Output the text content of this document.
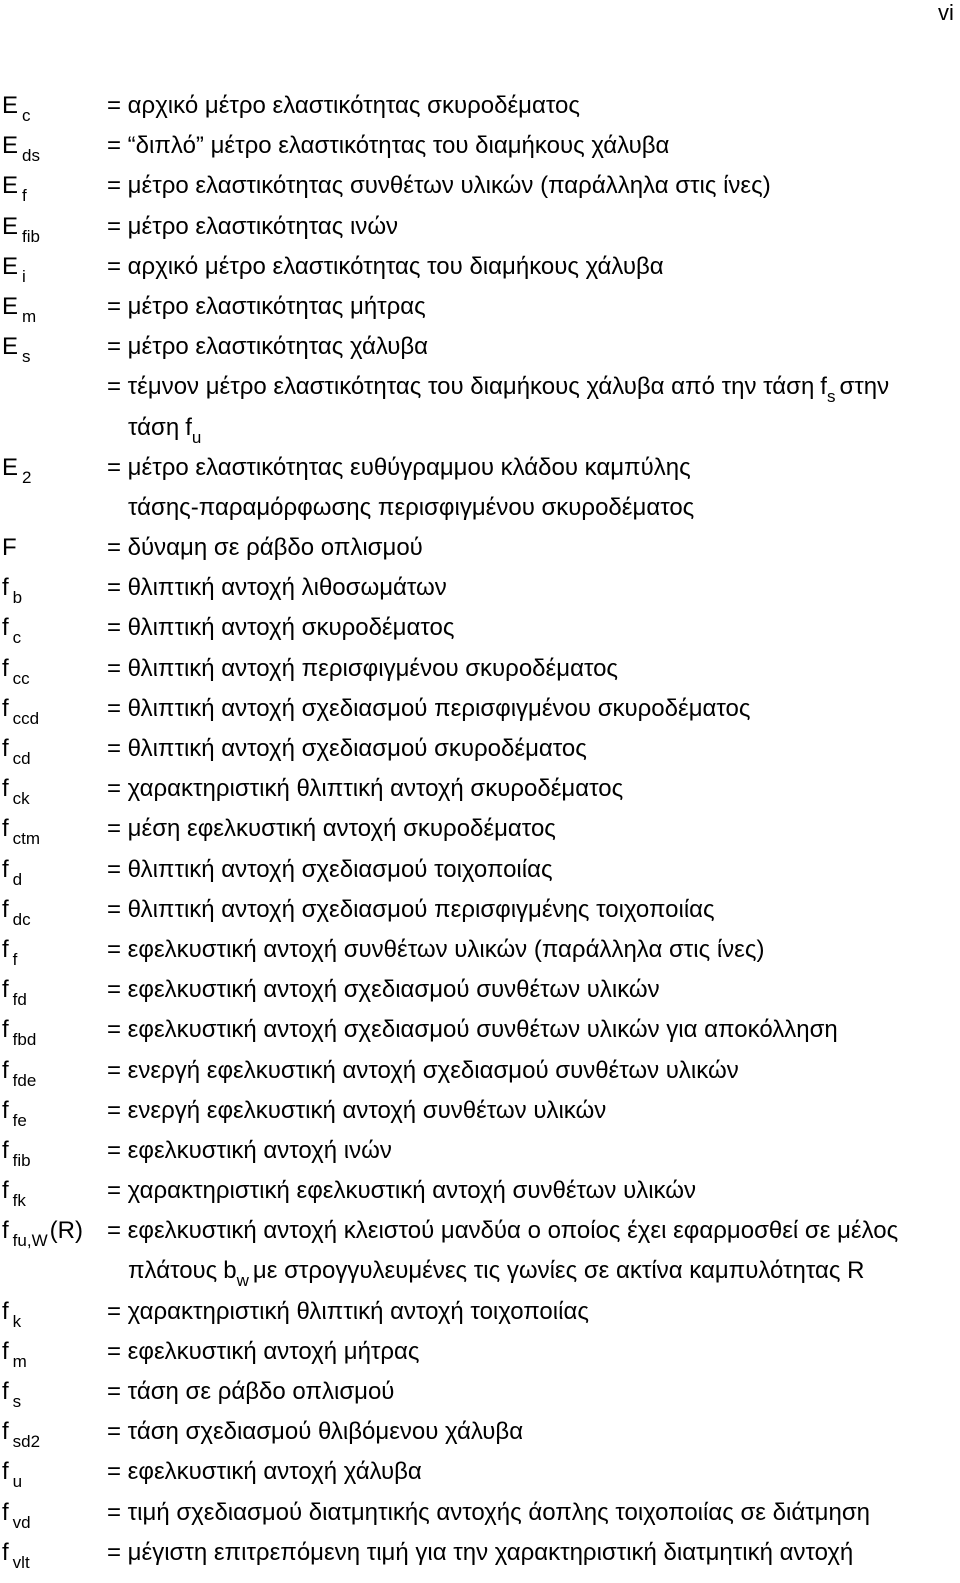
vi
E $_c$	= αρχικό μέτρο ελαστικότητας σκυροδέματος
E $_{ds}$	= “διπλό” μέτρο ελαστικότητας του διαμήκους χάλυβα
E $_f$	= μέτρο ελαστικότητας συνθέτων υλικών (παράλληλα στις ίνες)
E $_{fib}$	= μέτρο ελαστικότητας ινών
E $_i$	= αρχικό μέτρο ελαστικότητας του διαμήκους χάλυβα
E $_m$	= μέτρο ελαστικότητας μήτρας
E $_s$	= μέτρο ελαστικότητας χάλυβα
= τέμνον μέτρο ελαστικότητας του διαμήκους χάλυβα από την τάση $f_s$ στην
τάση $f_u$
E $_2$	= μέτρο ελαστικότητας ευθύγραμμου κλάδου καμπύλης
τάσης-παραμόρφωσης περισφιγμένου σκυροδέματος
F	= δύναμη σε ράβδο οπλισμού
f $_b$	= θλιπτική αντοχή λιθοσωμάτων
f $_c$	= θλιπτική αντοχή σκυροδέματος
f $_{cc}$	= θλιπτική αντοχή περισφιγμένου σκυροδέματος
f $_{ccd}$	= θλιπτική αντοχή σχεδιασμού περισφιγμένου σκυροδέματος
f $_{cd}$	= θλιπτική αντοχή σχεδιασμού σκυροδέματος
f $_{ck}$	= χαρακτηριστική θλιπτική αντοχή σκυροδέματος
f $_{ctm}$	= μέση εφελκυστική αντοχή σκυροδέματος
f $_d$	= θλιπτική αντοχή σχεδιασμού τοιχοποιίας
f $_{dc}$	= θλιπτική αντοχή σχεδιασμού περισφιγμένης τοιχοποιίας
f $_f$	= εφελκυστική αντοχή συνθέτων υλικών (παράλληλα στις ίνες)
f $_{fd}$	= εφελκυστική αντοχή σχεδιασμού συνθέτων υλικών
f $_{fbd}$	= εφελκυστική αντοχή σχεδιασμού συνθέτων υλικών για αποκόλληση
f $_{fde}$	= ενεργή εφελκυστική αντοχή σχεδιασμού συνθέτων υλικών
f $_{fe}$	= ενεργή εφελκυστική αντοχή συνθέτων υλικών
f $_{fib}$	= εφελκυστική αντοχή ινών
f $_{fk}$	= χαρακτηριστική εφελκυστική αντοχή συνθέτων υλικών
f $_{fu,W}$(R) = εφελκυστική αντοχή κλειστού μανδύα ο οποίος έχει εφαρμοσθεί σε μέλος
πλάτους $b_w$ με στρογγυλευμένες τις γωνίες σε ακτίνα καμπυλότητας R
f $_k$	= χαρακτηριστική θλιπτική αντοχή τοιχοποιίας
f $_m$	= εφελκυστική αντοχή μήτρας
f $_s$	= τάση σε ράβδο οπλισμού
f $_{sd2}$	= τάση σχεδιασμού θλιβόμενου χάλυβα
f $_u$	= εφελκυστική αντοχή χάλυβα
f $_{vd}$	= τιμή σχεδιασμού διατμητικής αντοχής άοπλης τοιχοποιίας σε διάτμηση
f $_{vlt}$	= μέγιστη επιτρεπόμενη τιμή για την χαρακτηριστική διατμητική αντοχή
